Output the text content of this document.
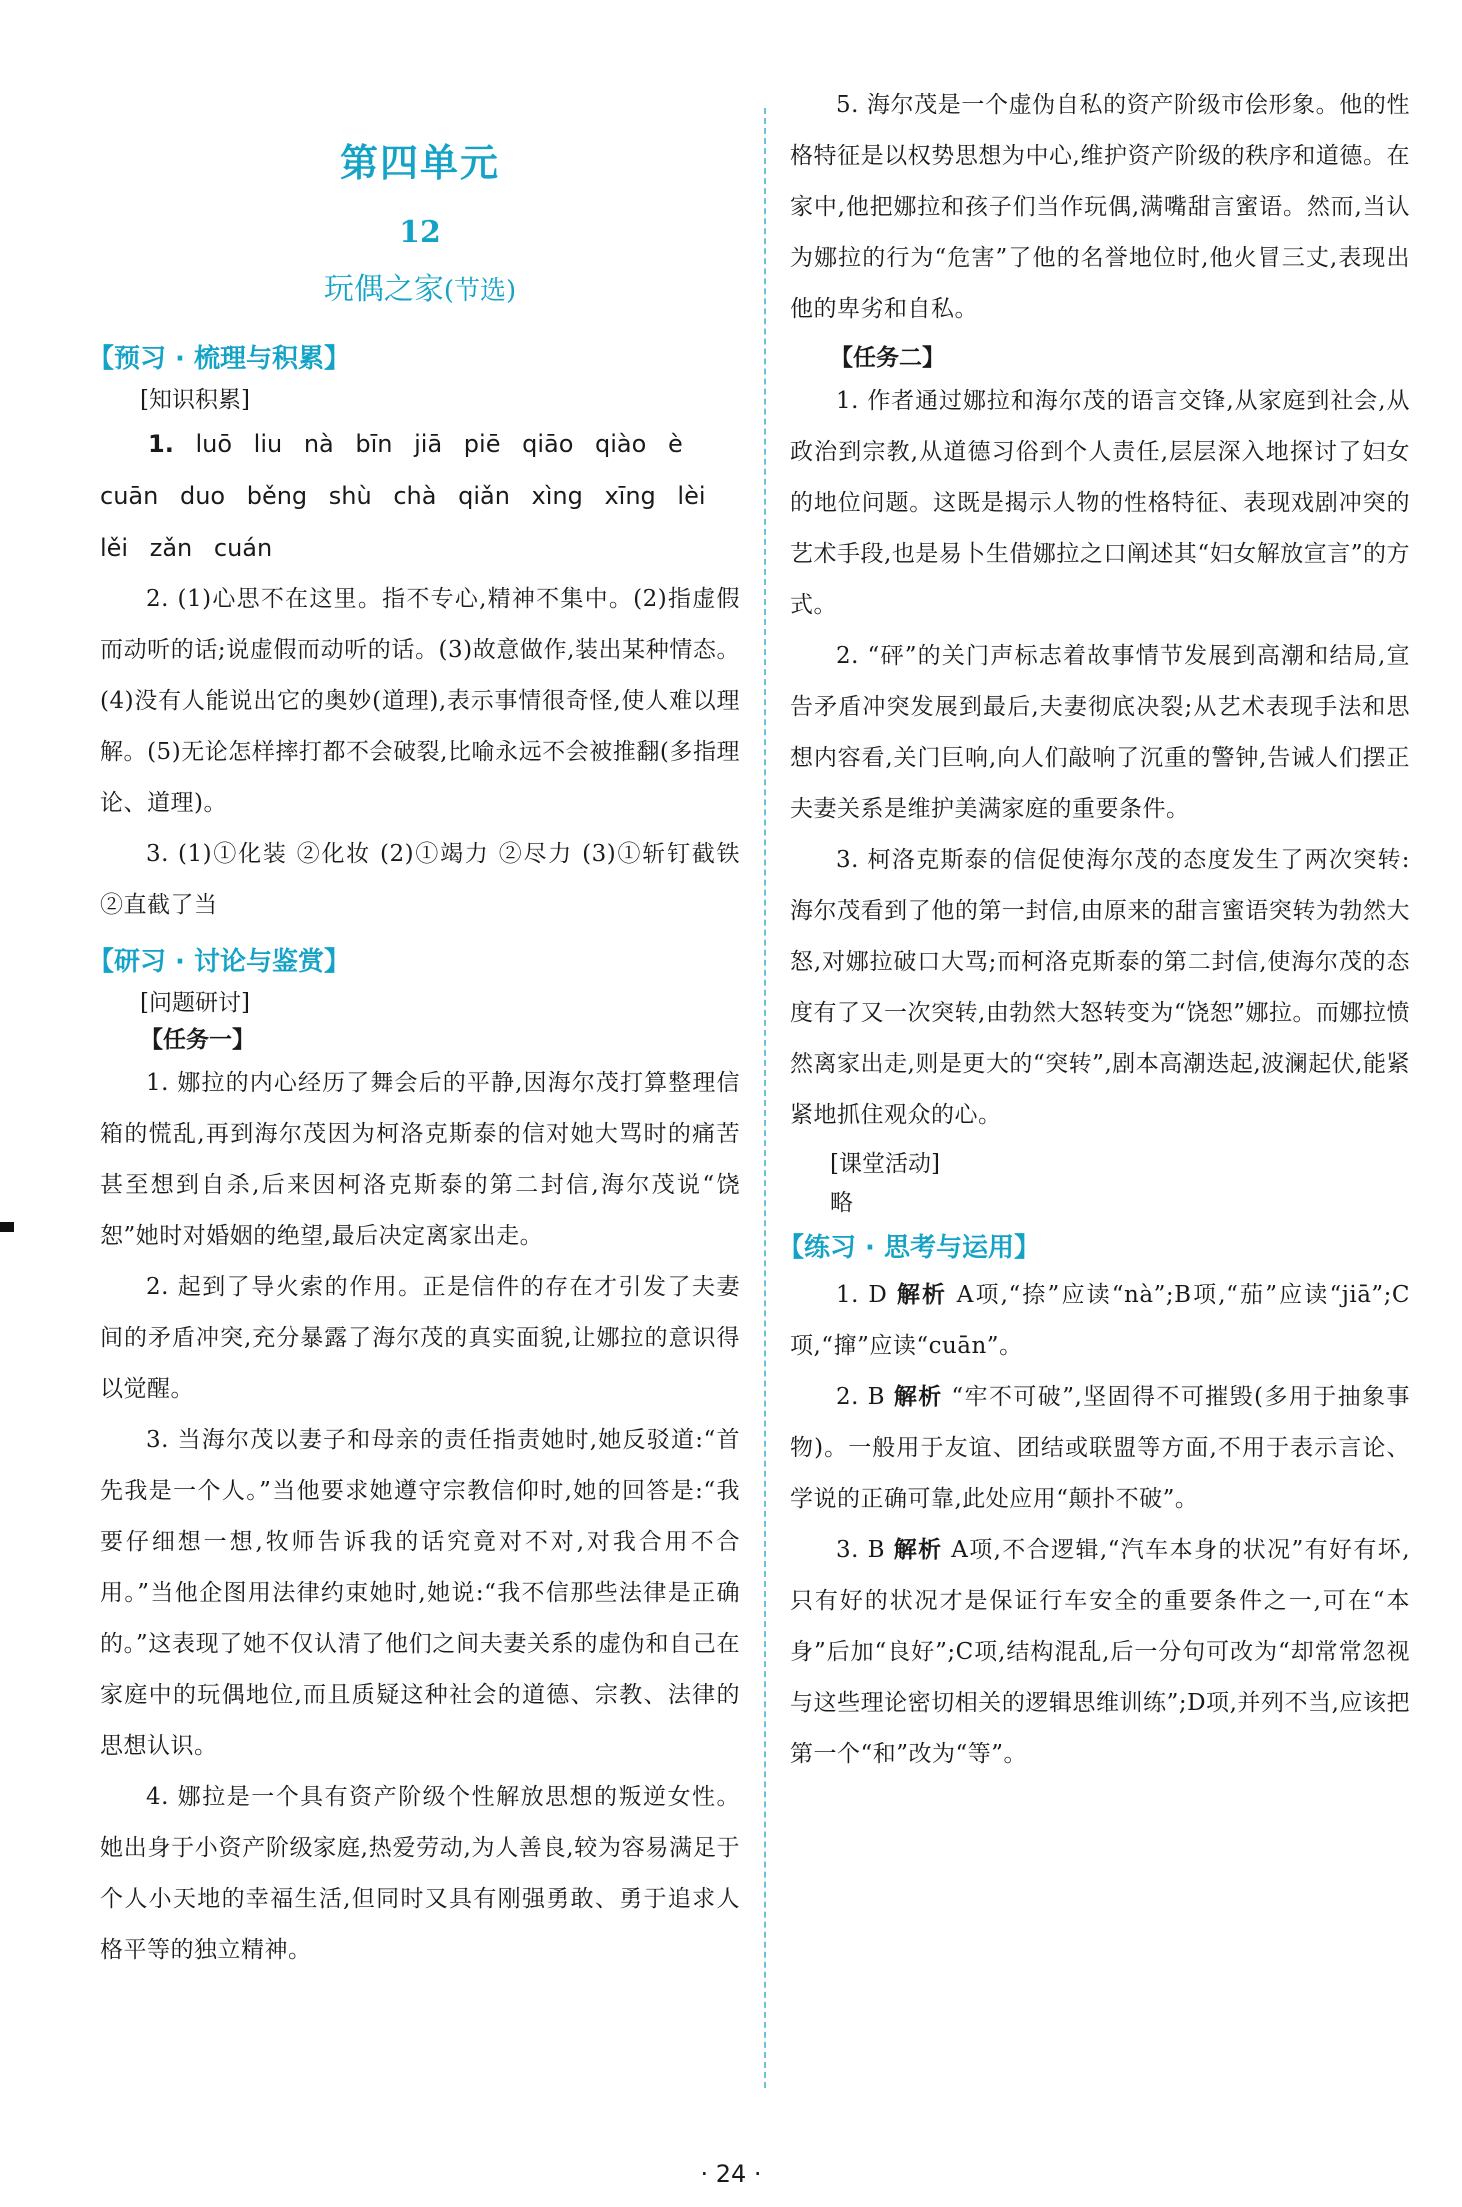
第四单元
12
玩偶之家(节选)
【预习 · 梳理与积累】
[知识积累]

1. luō liu nà bīn jiā piē qiāo qiào è

cuān duo běng shù chà qiǎn xìng xīng lèi

lěi zǎn cuán

2. (1)心思不在这里。指不专心,精神不集中。(2)指虚假而动听的话;说虚假而动听的话。(3)故意做作,装出某种情态。(4)没有人能说出它的奥妙(道理),表示事情很奇怪,使人难以理解。(5)无论怎样摔打都不会破裂,比喻永远不会被推翻(多指理论、道理)。

3. (1)①化装 ②化妆 (2)①竭力 ②尽力 (3)①斩钉截铁 ②直截了当

【研习 · 讨论与鉴赏】
[问题研讨]
【任务一】

1. 娜拉的内心经历了舞会后的平静,因海尔茂打算整理信箱的慌乱,再到海尔茂因为柯洛克斯泰的信对她大骂时的痛苦甚至想到自杀,后来因柯洛克斯泰的第二封信,海尔茂说“饶恕”她时对婚姻的绝望,最后决定离家出走。

2. 起到了导火索的作用。正是信件的存在才引发了夫妻间的矛盾冲突,充分暴露了海尔茂的真实面貌,让娜拉的意识得以觉醒。

3. 当海尔茂以妻子和母亲的责任指责她时,她反驳道:“首先我是一个人。”当他要求她遵守宗教信仰时,她的回答是:“我要仔细想一想,牧师告诉我的话究竟对不对,对我合用不合用。”当他企图用法律约束她时,她说:“我不信那些法律是正确的。”这表现了她不仅认清了他们之间夫妻关系的虚伪和自己在家庭中的玩偶地位,而且质疑这种社会的道德、宗教、法律的思想认识。

4. 娜拉是一个具有资产阶级个性解放思想的叛逆女性。她出身于小资产阶级家庭,热爱劳动,为人善良,较为容易满足于个人小天地的幸福生活,但同时又具有刚强勇敢、勇于追求人格平等的独立精神。

5. 海尔茂是一个虚伪自私的资产阶级市侩形象。他的性格特征是以权势思想为中心,维护资产阶级的秩序和道德。在家中,他把娜拉和孩子们当作玩偶,满嘴甜言蜜语。然而,当认为娜拉的行为“危害”了他的名誉地位时,他火冒三丈,表现出他的卑劣和自私。

【任务二】

1. 作者通过娜拉和海尔茂的语言交锋,从家庭到社会,从政治到宗教,从道德习俗到个人责任,层层深入地探讨了妇女的地位问题。这既是揭示人物的性格特征、表现戏剧冲突的艺术手段,也是易卜生借娜拉之口阐述其“妇女解放宣言”的方式。

2. “砰”的关门声标志着故事情节发展到高潮和结局,宣告矛盾冲突发展到最后,夫妻彻底决裂;从艺术表现手法和思想内容看,关门巨响,向人们敲响了沉重的警钟,告诫人们摆正夫妻关系是维护美满家庭的重要条件。

3. 柯洛克斯泰的信促使海尔茂的态度发生了两次突转:海尔茂看到了他的第一封信,由原来的甜言蜜语突转为勃然大怒,对娜拉破口大骂;而柯洛克斯泰的第二封信,使海尔茂的态度有了又一次突转,由勃然大怒转变为“饶恕”娜拉。而娜拉愤然离家出走,则是更大的“突转”,剧本高潮迭起,波澜起伏,能紧紧地抓住观众的心。

[课堂活动]
略
【练习 · 思考与运用】

1. D 解析 A项,“捺”应读“nà”;B项,“茄”应读“jiā”;C项,“撺”应读“cuān”。

2. B 解析 “牢不可破”,坚固得不可摧毁(多用于抽象事物)。一般用于友谊、团结或联盟等方面,不用于表示言论、学说的正确可靠,此处应用“颠扑不破”。

3. B 解析 A项,不合逻辑,“汽车本身的状况”有好有坏,只有好的状况才是保证行车安全的重要条件之一,可在“本身”后加“良好”;C项,结构混乱,后一分句可改为“却常常忽视与这些理论密切相关的逻辑思维训练”;D项,并列不当,应该把第一个“和”改为“等”。

· 24 ·
